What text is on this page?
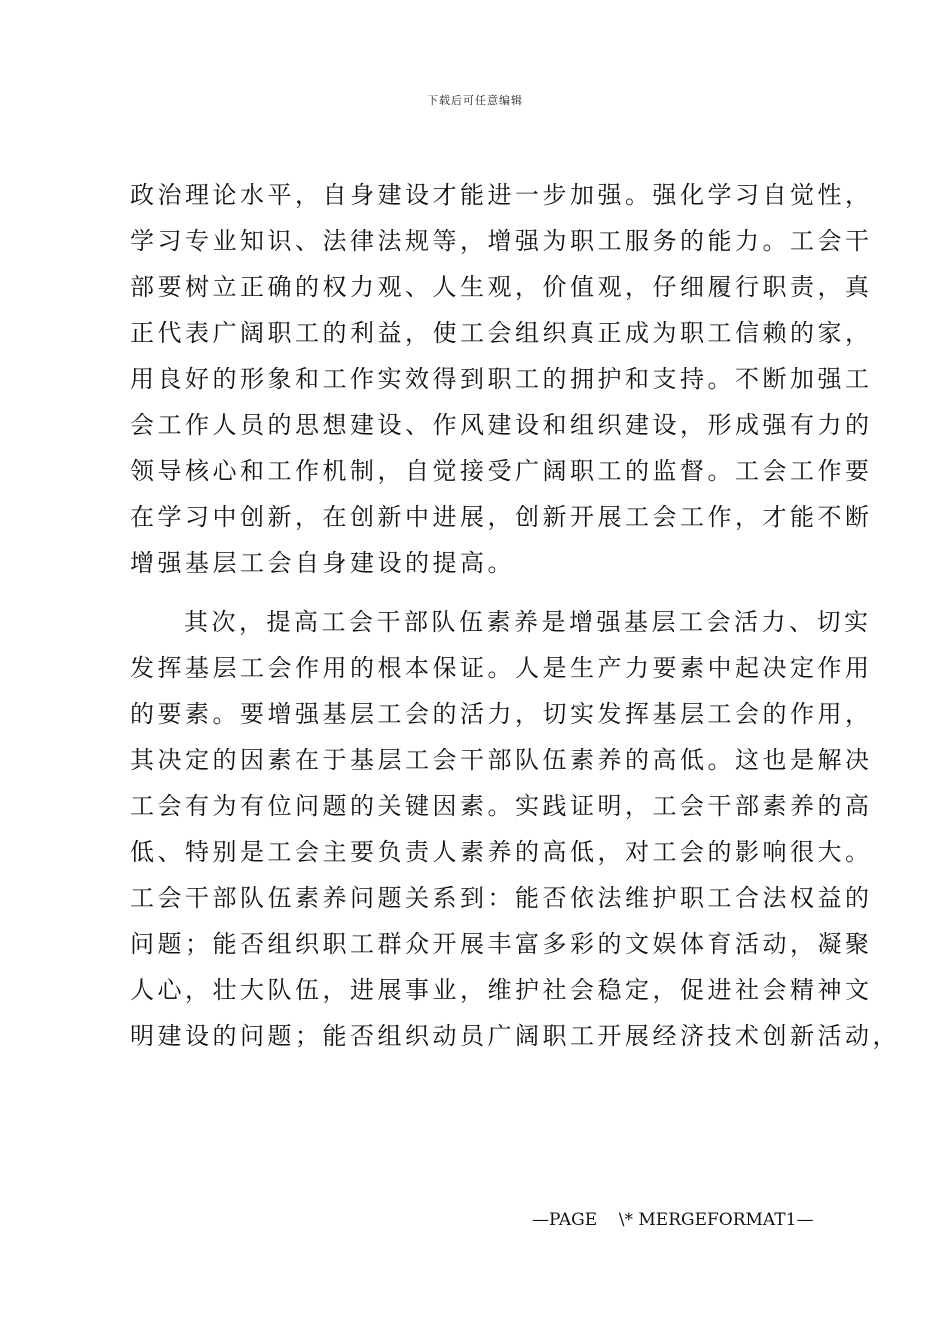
下载后可任意编辑
政治理论水平，自身建设才能进一步加强。强化学习自觉性，
学习专业知识、法律法规等，增强为职工服务的能力。工会干
部要树立正确的权力观、人生观，价值观，仔细履行职责，真
正代表广阔职工的利益，使工会组织真正成为职工信赖的家，
用良好的形象和工作实效得到职工的拥护和支持。不断加强工
会工作人员的思想建设、作风建设和组织建设，形成强有力的
领导核心和工作机制，自觉接受广阔职工的监督。工会工作要
在学习中创新，在创新中进展，创新开展工会工作，才能不断
增强基层工会自身建设的提高。
其次，提高工会干部队伍素养是增强基层工会活力、切实
发挥基层工会作用的根本保证。人是生产力要素中起决定作用
的要素。要增强基层工会的活力，切实发挥基层工会的作用，
其决定的因素在于基层工会干部队伍素养的高低。这也是解决
工会有为有位问题的关键因素。实践证明，工会干部素养的高
低、特别是工会主要负责人素养的高低，对工会的影响很大。
工会干部队伍素养问题关系到：能否依法维护职工合法权益的
问题；能否组织职工群众开展丰富多彩的文娱体育活动，凝聚
人心，壮大队伍，进展事业，维护社会稳定，促进社会精神文
明建设的问题；能否组织动员广阔职工开展经济技术创新活动，
—PAGE    \* MERGEFORMAT1—
